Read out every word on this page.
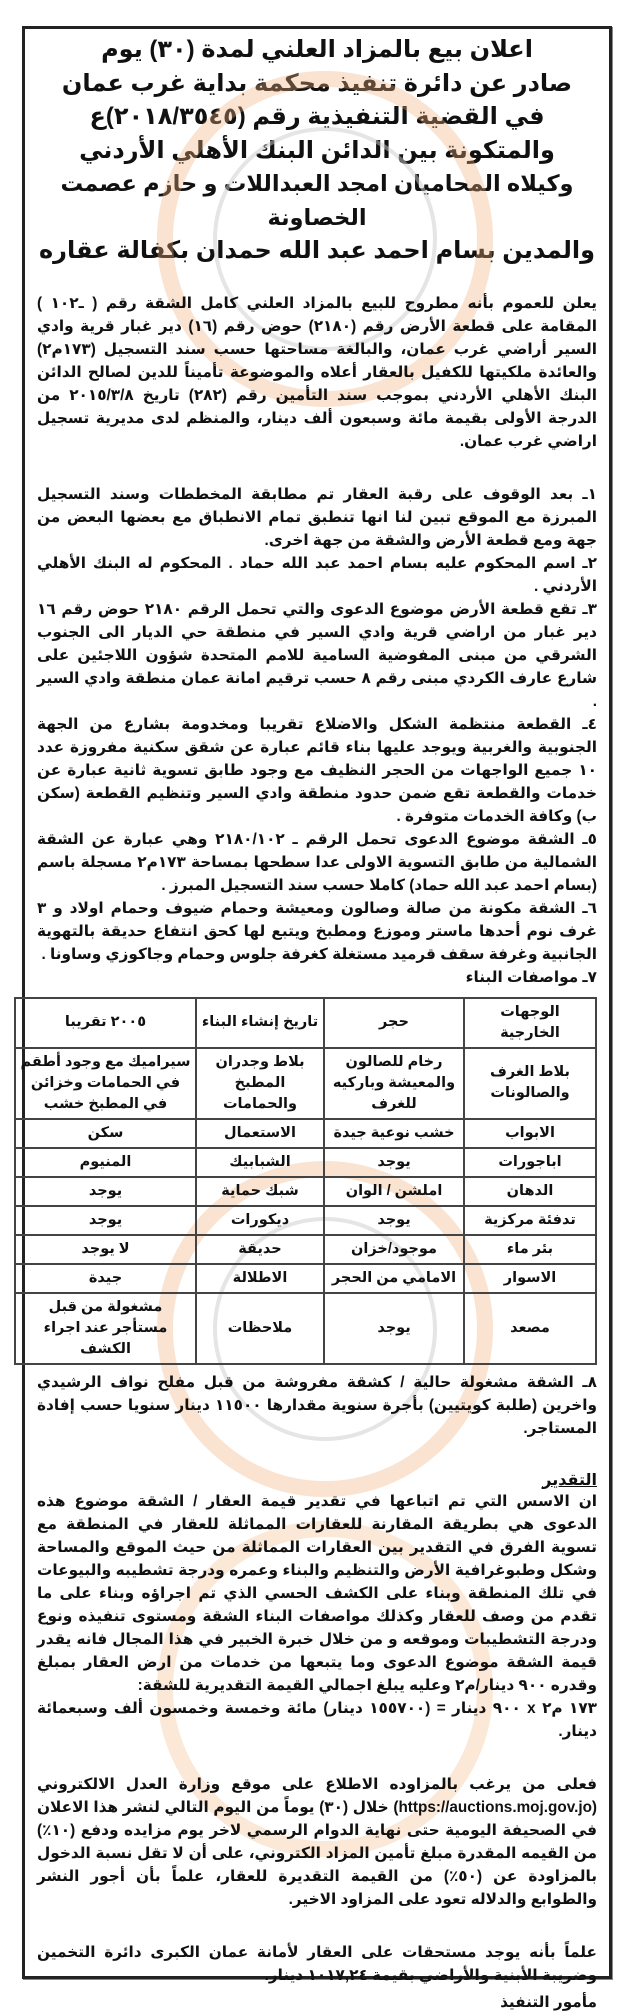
اعلان بيع بالمزاد العلني لمدة (٣٠) يوم
صادر عن دائرة تنفيذ محكمة بداية غرب عمان
في القضية التنفيذية رقم (٢٠١٨/٣٥٤٥)ع
والمتكونة بين الدائن البنك الأهلي الأردني
وكيلاه المحاميان امجد العبداللات و حازم عصمت الخصاونة
والمدين بسام احمد عبد الله حمدان بكفالة عقاره

يعلن للعموم بأنه مطروح للبيع بالمزاد العلني كامل الشقة رقم ( ـ١٠٢ ) المقامة على قطعة الأرض رقم (٢١٨٠) حوض رقم (١٦) دير غبار قرية وادي السير أراضي غرب عمان، والبالغة مساحتها حسب سند التسجيل (١٧٣م٢) والعائدة ملكيتها للكفيل بالعقار أعلاه والموضوعة تأميناً للدين لصالح الدائن البنك الأهلي الأردني بموجب سند التأمين رقم (٢٨٢) تاريخ ٢٠١٥/٣/٨ من الدرجة الأولى بقيمة مائة وسبعون ألف دينار، والمنظم لدى مديرية تسجيل اراضي غرب عمان.

١ـ بعد الوقوف على رقبة العقار تم مطابقة المخططات وسند التسجيل المبرزة مع الموقع تبين لنا انها تنطبق تمام الانطباق مع بعضها البعض من جهة ومع قطعة الأرض والشقة من جهة اخرى.

٢ـ اسم المحكوم عليه بسام احمد عبد الله حماد . المحكوم له البنك الأهلي الأردني .

٣ـ تقع قطعة الأرض موضوع الدعوى والتي تحمل الرقم ٢١٨٠ حوض رقم ١٦ دير غبار من اراضي قرية وادي السير في منطقة حي الديار الى الجنوب الشرقي من مبنى المفوضية السامية للامم المتحدة شؤون اللاجئين على شارع عارف الكردي مبنى رقم ٨ حسب ترقيم امانة عمان منطقة وادي السير .

٤ـ القطعة منتظمة الشكل والاضلاع تقريبا ومخدومة بشارع من الجهة الجنوبية والغربية ويوجد عليها بناء قائم عبارة عن شقق سكنية مفروزة عدد ١٠ جميع الواجهات من الحجر النظيف مع وجود طابق تسوية ثانية عبارة عن خدمات والقطعة تقع ضمن حدود منطقة وادي السير وتنظيم القطعة (سكن ب) وكافة الخدمات متوفرة .

٥ـ الشقة موضوع الدعوى تحمل الرقم ـ ٢١٨٠/١٠٢ وهي عبارة عن الشقة الشمالية من طابق التسوية الاولى عدا سطحها بمساحة ١٧٣م٢ مسجلة باسم (بسام احمد عبد الله حماد) كاملا حسب سند التسجيل المبرز .

٦ـ الشقة مكونة من صالة وصالون ومعيشة وحمام ضيوف وحمام اولاد و ٣ غرف نوم أحدها ماستر وموزع ومطبخ ويتبع لها كحق انتفاع حديقة بالتهوية الجانبية وغرفة سقف قرميد مستغلة كغرفة جلوس وحمام وجاكوزي وساونا .

٧ـ مواصفات البناء

الوجهات الخارجية	حجر	تاريخ إنشاء البناء	٢٠٠٥ تقريبا
بلاط الغرف والصالونات	رخام للصالون والمعيشة وباركيه للغرف	بلاط وجدران المطبخ والحمامات	سيراميك مع وجود أطقم في الحمامات وخزائن في المطبخ خشب
الابواب	خشب نوعية جيدة	الاستعمال	سكن
اباجورات	يوجد	الشبابيك	المنيوم
الدهان	املشن / الوان	شبك حماية	يوجد
تدفئة مركزية	يوجد	ديكورات	يوجد
بئر ماء	موجود/خزان	حديقة	لا يوجد
الاسوار	الامامي من الحجر	الاطلالة	جيدة
مصعد	يوجد	ملاحظات	مشغولة من قبل مستأجر عند اجراء الكشف

٨ـ الشقة مشغولة حالية / كشقة مفروشة من قبل مفلح نواف الرشيدي واخرين (طلبة كويتيين) بأجرة سنوية مقدارها ١١٥٠٠ دينار سنويا حسب إفادة المستاجر.

التقدير

ان الاسس التي تم اتباعها في تقدير قيمة العقار / الشقة موضوع هذه الدعوى هي بطريقة المقارنة للعقارات المماثلة للعقار في المنطقة مع تسوية الفرق في التقدير بين العقارات المماثلة من حيث الموقع والمساحة وشكل وطبوغرافية الأرض والتنظيم والبناء وعمره ودرجة تشطيبه والبيوعات في تلك المنطقة وبناء على الكشف الحسي الذي تم اجراؤه وبناء على ما تقدم من وصف للعقار وكذلك مواصفات البناء الشقة ومستوى تنفيذه ونوع ودرجة التشطيبات وموقعه و من خلال خبرة الخبير في هذا المجال فانه يقدر قيمة الشقة موضوع الدعوى وما يتبعها من خدمات من ارض العقار بمبلغ وقدره ٩٠٠ دينار/م٢ وعليه يبلغ اجمالي القيمة التقديرية للشقة:

١٧٣ م٢ x ٩٠٠ دينار = (١٥٥٧٠٠ دينار) مائة وخمسة وخمسون ألف وسبعمائة دينار.

فعلى من يرغب بالمزاوده الاطلاع على موقع وزارة العدل الالكتروني (https://auctions.moj.gov.jo) خلال (٣٠) يوماً من اليوم التالي لنشر هذا الاعلان في الصحيفة اليومية حتى نهاية الدوام الرسمي لاخر يوم مزايده ودفع (١٠٪) من القيمه المقدرة مبلغ تأمين المزاد الكتروني، على أن لا تقل نسبة الدخول بالمزاودة عن (٥٠٪) من القيمة التقديرة للعقار، علماً بأن أجور النشر والطوابع والدلاله تعود على المزاود الاخير.

علماً بأنه يوجد مستحقات على العقار لأمانة عمان الكبرى دائرة التخمين وضريبة الأبنية والأراضي بقيمة ١٠١٧,٢٤ دينار.

مأمور التنفيذ
